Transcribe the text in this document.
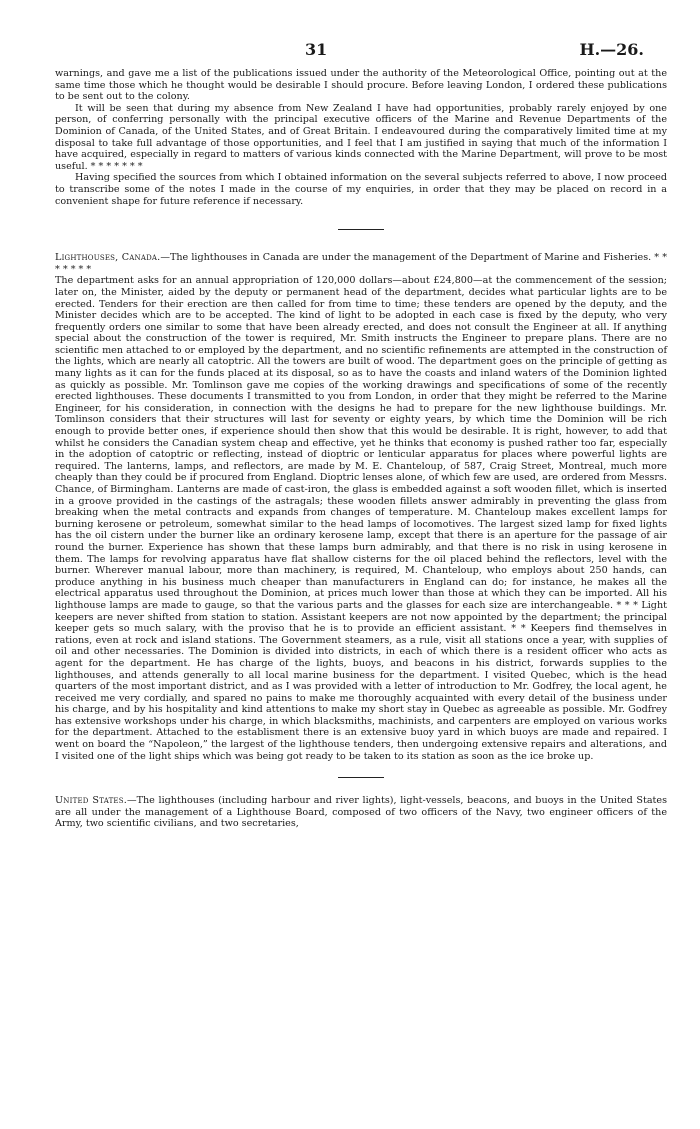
31	H.—26.

warnings, and gave me a list of the publications issued under the authority of the Meteorological Office, pointing out at the same time those which he thought would be desirable I should procure. Before leaving London, I ordered these publications to be sent out to the colony.

It will be seen that during my absence from New Zealand I have had opportunities, probably rarely enjoyed by one person, of conferring personally with the principal executive officers of the Marine and Revenue Departments of the Dominion of Canada, of the United States, and of Great Britain. I endeavoured during the comparatively limited time at my disposal to take full advantage of those opportunities, and I feel that I am justified in saying that much of the information I have acquired, especially in regard to matters of various kinds connected with the Marine Department, will prove to be most useful. * * * * * * *

Having specified the sources from which I obtained information on the several subjects referred to above, I now proceed to transcribe some of the notes I made in the course of my enquiries, in order that they may be placed on record in a convenient shape for future reference if necessary.

Lighthouses, Canada.—The lighthouses in Canada are under the management of the Department of Marine and Fisheries. * * * * * * *

The department asks for an annual appropriation of 120,000 dollars—about £24,800—at the commencement of the session; later on, the Minister, aided by the deputy or permanent head of the department, decides what particular lights are to be erected. Tenders for their erection are then called for from time to time; these tenders are opened by the deputy, and the Minister decides which are to be accepted. The kind of light to be adopted in each case is fixed by the deputy, who very frequently orders one similar to some that have been already erected, and does not consult the Engineer at all. If anything special about the construction of the tower is required, Mr. Smith instructs the Engineer to prepare plans. There are no scientific men attached to or employed by the department, and no scientific refinements are attempted in the construction of the lights, which are nearly all catoptric. All the towers are built of wood. The department goes on the principle of getting as many lights as it can for the funds placed at its disposal, so as to have the coasts and inland waters of the Dominion lighted as quickly as possible. Mr. Tomlinson gave me copies of the working drawings and specifications of some of the recently erected lighthouses. These documents I transmitted to you from London, in order that they might be referred to the Marine Engineer, for his consideration, in connection with the designs he had to prepare for the new lighthouse buildings. Mr. Tomlinson considers that their structures will last for seventy or eighty years, by which time the Dominion will be rich enough to provide better ones, if experience should then show that this would be desirable. It is right, however, to add that whilst he considers the Canadian system cheap and effective, yet he thinks that economy is pushed rather too far, especially in the adoption of catoptric or reflecting, instead of dioptric or lenticular apparatus for places where powerful lights are required. The lanterns, lamps, and reflectors, are made by M. E. Chanteloup, of 587, Craig Street, Montreal, much more cheaply than they could be if procured from England. Dioptric lenses alone, of which few are used, are ordered from Messrs. Chance, of Birmingham. Lanterns are made of cast-iron, the glass is embedded against a soft wooden fillet, which is inserted in a groove provided in the castings of the astragals; these wooden fillets answer admirably in preventing the glass from breaking when the metal contracts and expands from changes of temperature. M. Chanteloup makes excellent lamps for burning kerosene or petroleum, somewhat similar to the head lamps of locomotives. The largest sized lamp for fixed lights has the oil cistern under the burner like an ordinary kerosene lamp, except that there is an aperture for the passage of air round the burner. Experience has shown that these lamps burn admirably, and that there is no risk in using kerosene in them. The lamps for revolving apparatus have flat shallow cisterns for the oil placed behind the reflectors, level with the burner. Wherever manual labour, more than machinery, is required, M. Chanteloup, who employs about 250 hands, can produce anything in his business much cheaper than manufacturers in England can do; for instance, he makes all the electrical apparatus used throughout the Dominion, at prices much lower than those at which they can be imported. All his lighthouse lamps are made to gauge, so that the various parts and the glasses for each size are interchangeable. * * * Light keepers are never shifted from station to station. Assistant keepers are not now appointed by the department; the principal keeper gets so much salary, with the proviso that he is to provide an efficient assistant. * * Keepers find themselves in rations, even at rock and island stations. The Government steamers, as a rule, visit all stations once a year, with supplies of oil and other necessaries. The Dominion is divided into districts, in each of which there is a resident officer who acts as agent for the department. He has charge of the lights, buoys, and beacons in his district, forwards supplies to the lighthouses, and attends generally to all local marine business for the department. I visited Quebec, which is the head quarters of the most important district, and as I was provided with a letter of introduction to Mr. Godfrey, the local agent, he received me very cordially, and spared no pains to make me thoroughly acquainted with every detail of the business under his charge, and by his hospitality and kind attentions to make my short stay in Quebec as agreeable as possible. Mr. Godfrey has extensive workshops under his charge, in which blacksmiths, machinists, and carpenters are employed on various works for the department. Attached to the establisment there is an extensive buoy yard in which buoys are made and repaired. I went on board the “Napoleon,” the largest of the lighthouse tenders, then undergoing extensive repairs and alterations, and I visited one of the light ships which was being got ready to be taken to its station as soon as the ice broke up.

United States.—The lighthouses (including harbour and river lights), light-vessels, beacons, and buoys in the United States are all under the management of a Lighthouse Board, composed of two officers of the Navy, two engineer officers of the Army, two scientific civilians, and two secretaries,
